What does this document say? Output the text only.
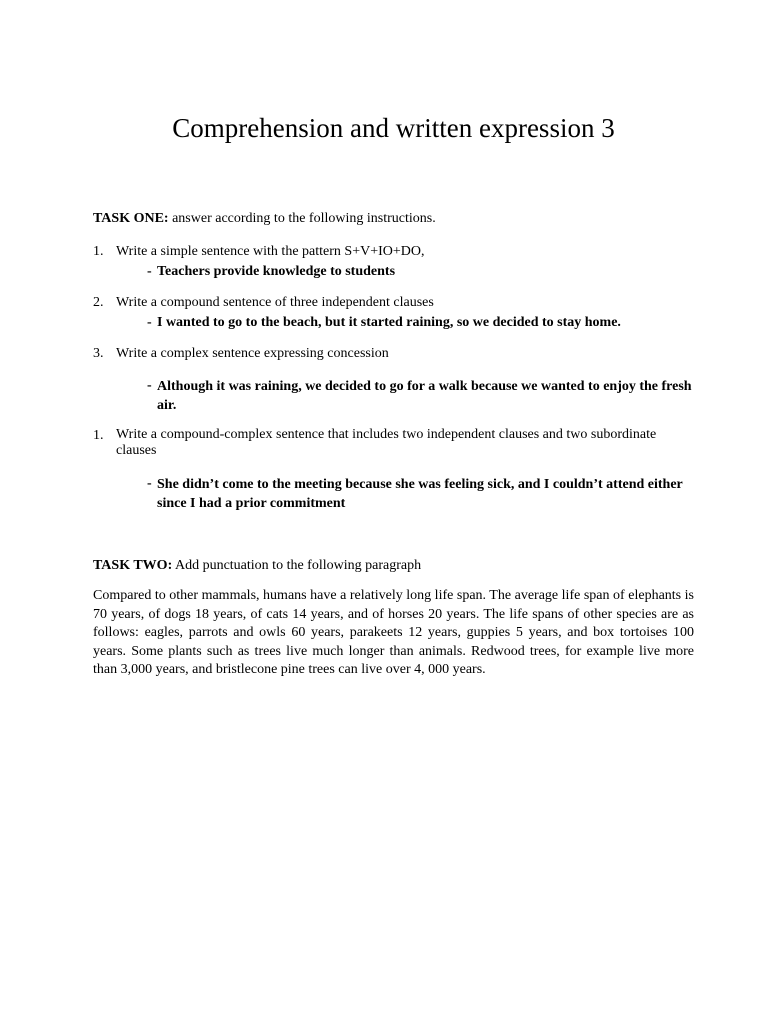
Comprehension and written expression 3
TASK ONE: answer according to the following instructions.
1. Write a simple sentence with the pattern S+V+IO+DO,
- Teachers provide knowledge to students
2. Write a compound sentence of three independent clauses
- I wanted to go to the beach, but it started raining, so we decided to stay home.
3. Write a complex sentence expressing concession
- Although it was raining, we decided to go for a walk because we wanted to enjoy the fresh air.
1. Write a compound-complex sentence that includes two independent clauses and two subordinate clauses
- She didn’t come to the meeting because she was feeling sick, and I couldn’t attend either since I had a prior commitment
TASK TWO: Add punctuation to the following paragraph
Compared to other mammals, humans have a relatively long life span. The average life span of elephants is 70 years, of dogs 18 years, of cats 14 years, and of horses 20 years. The life spans of other species are as follows: eagles, parrots and owls 60 years, parakeets 12 years, guppies 5 years, and box tortoises 100 years. Some plants such as trees live much longer than animals. Redwood trees, for example live more than 3,000 years, and bristlecone pine trees can live over 4, 000 years.
